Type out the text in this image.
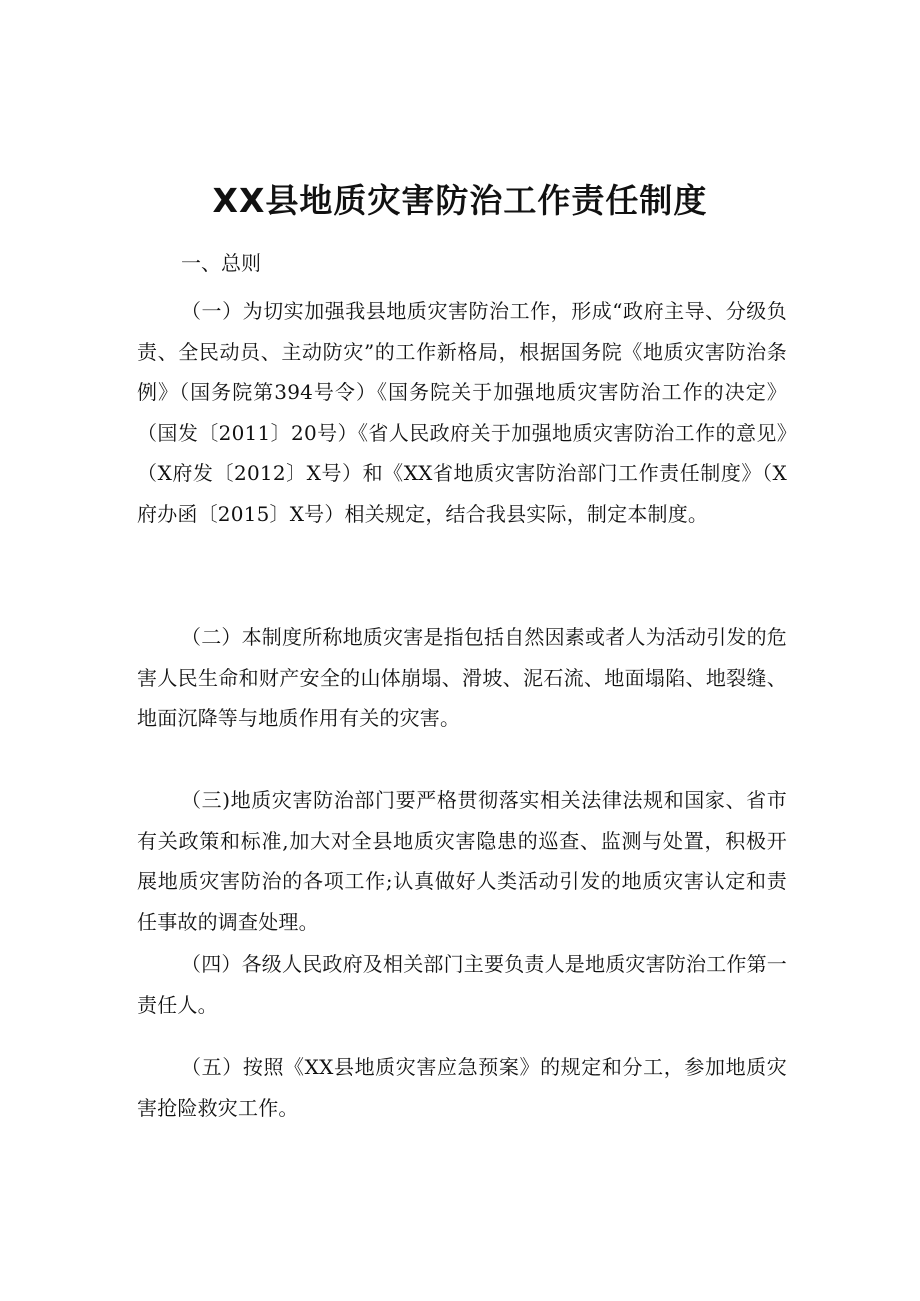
XX县地质灾害防治工作责任制度

一、总则

（一）为切实加强我县地质灾害防治工作，形成“政府主导、分级负责、全民动员、主动防灾”的工作新格局，根据国务院《地质灾害防治条例》（国务院第394号令）《国务院关于加强地质灾害防治工作的决定》（国发〔2011〕20号）《省人民政府关于加强地质灾害防治工作的意见》（X府发〔2012〕X号）和《XX省地质灾害防治部门工作责任制度》（X府办函〔2015〕X号）相关规定，结合我县实际，制定本制度。

（二）本制度所称地质灾害是指包括自然因素或者人为活动引发的危害人民生命和财产安全的山体崩塌、滑坡、泥石流、地面塌陷、地裂缝、地面沉降等与地质作用有关的灾害。

（三)地质灾害防治部门要严格贯彻落实相关法律法规和国家、省市有关政策和标准,加大对全县地质灾害隐患的巡查、监测与处置，积极开展地质灾害防治的各项工作;认真做好人类活动引发的地质灾害认定和责任事故的调查处理。

（四）各级人民政府及相关部门主要负责人是地质灾害防治工作第一责任人。

（五）按照《XX县地质灾害应急预案》的规定和分工，参加地质灾害抢险救灾工作。
